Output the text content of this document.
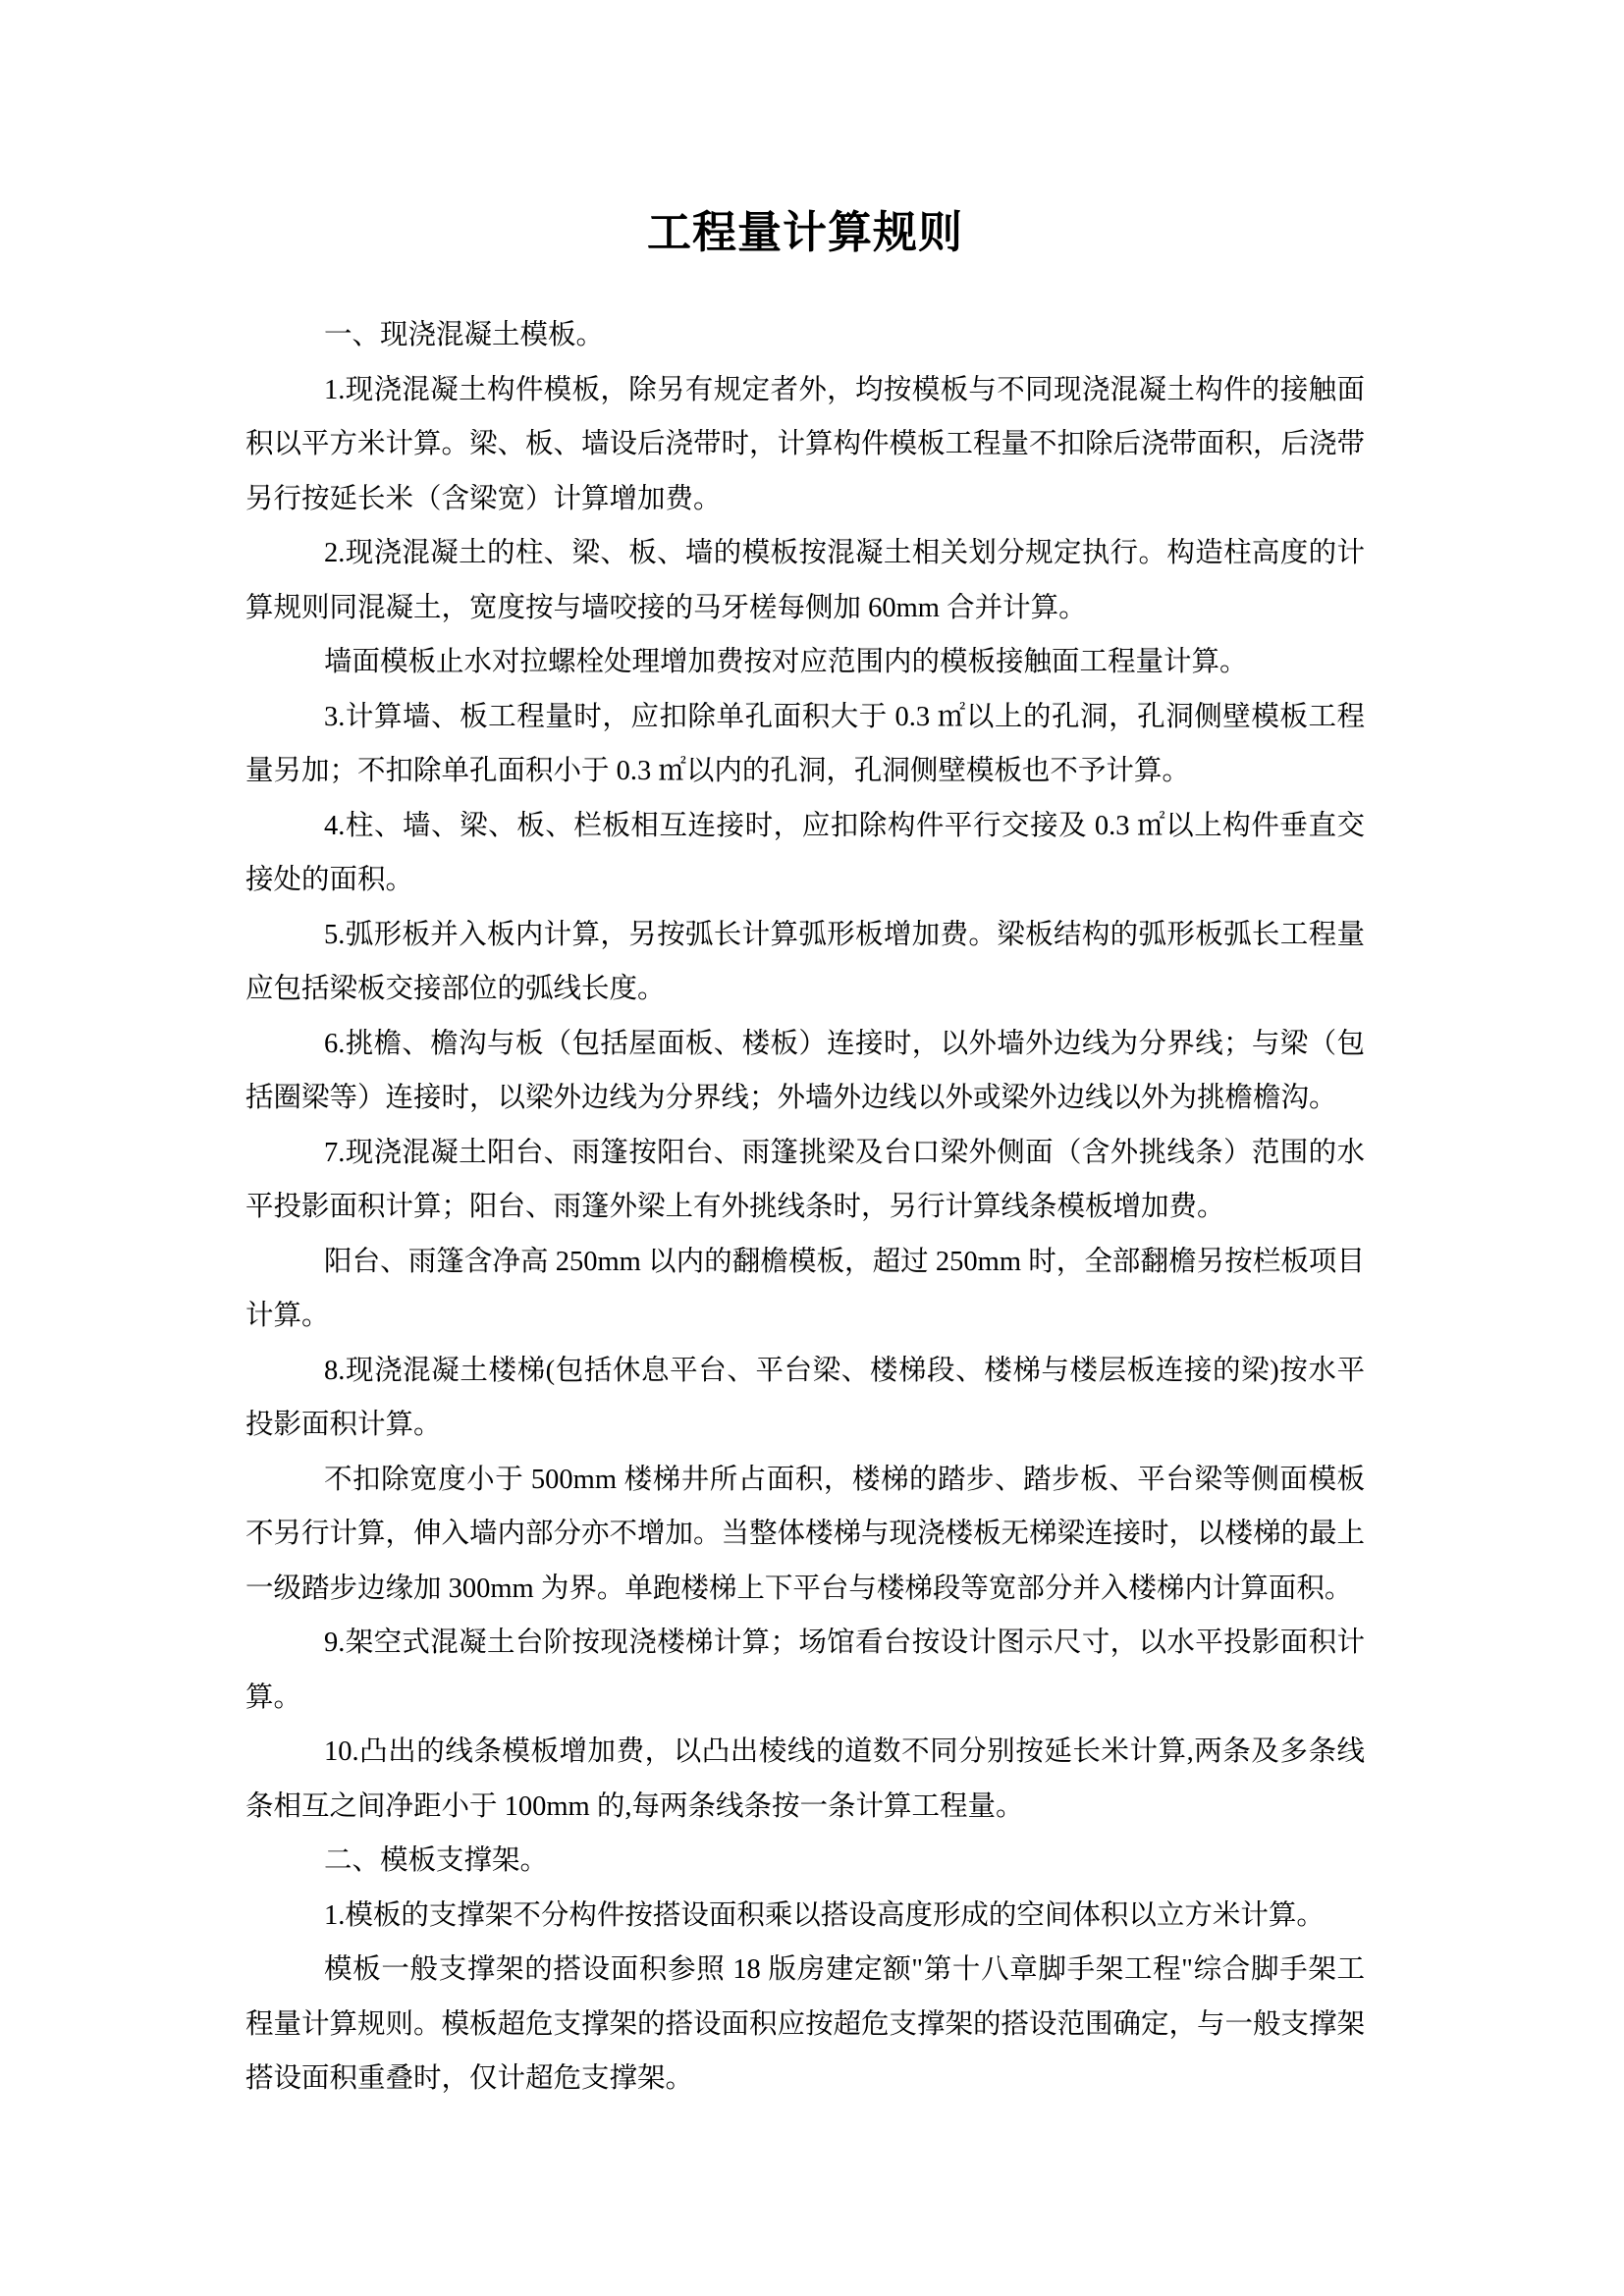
工程量计算规则

一、现浇混凝土模板。

1.现浇混凝土构件模板，除另有规定者外，均按模板与不同现浇混凝土构件的接触面积以平方米计算。梁、板、墙设后浇带时，计算构件模板工程量不扣除后浇带面积，后浇带另行按延长米（含梁宽）计算增加费。

2.现浇混凝土的柱、梁、板、墙的模板按混凝土相关划分规定执行。构造柱高度的计算规则同混凝土，宽度按与墙咬接的马牙槎每侧加 60mm 合并计算。

墙面模板止水对拉螺栓处理增加费按对应范围内的模板接触面工程量计算。

3.计算墙、板工程量时，应扣除单孔面积大于 0.3 ㎡以上的孔洞，孔洞侧壁模板工程量另加；不扣除单孔面积小于 0.3 ㎡以内的孔洞，孔洞侧壁模板也不予计算。

4.柱、墙、梁、板、栏板相互连接时，应扣除构件平行交接及 0.3 ㎡以上构件垂直交接处的面积。

5.弧形板并入板内计算，另按弧长计算弧形板增加费。梁板结构的弧形板弧长工程量应包括梁板交接部位的弧线长度。

6.挑檐、檐沟与板（包括屋面板、楼板）连接时，以外墙外边线为分界线；与梁（包括圈梁等）连接时，以梁外边线为分界线；外墙外边线以外或梁外边线以外为挑檐檐沟。

7.现浇混凝土阳台、雨篷按阳台、雨篷挑梁及台口梁外侧面（含外挑线条）范围的水平投影面积计算；阳台、雨篷外梁上有外挑线条时，另行计算线条模板增加费。

阳台、雨篷含净高 250mm 以内的翻檐模板，超过 250mm 时，全部翻檐另按栏板项目计算。

8.现浇混凝土楼梯(包括休息平台、平台梁、楼梯段、楼梯与楼层板连接的梁)按水平投影面积计算。

不扣除宽度小于 500mm 楼梯井所占面积，楼梯的踏步、踏步板、平台梁等侧面模板不另行计算，伸入墙内部分亦不增加。当整体楼梯与现浇楼板无梯梁连接时，以楼梯的最上一级踏步边缘加 300mm 为界。单跑楼梯上下平台与楼梯段等宽部分并入楼梯内计算面积。

9.架空式混凝土台阶按现浇楼梯计算；场馆看台按设计图示尺寸，以水平投影面积计算。

10.凸出的线条模板增加费，以凸出棱线的道数不同分别按延长米计算,两条及多条线条相互之间净距小于 100mm 的,每两条线条按一条计算工程量。

二、模板支撑架。

1.模板的支撑架不分构件按搭设面积乘以搭设高度形成的空间体积以立方米计算。

模板一般支撑架的搭设面积参照 18 版房建定额"第十八章脚手架工程"综合脚手架工程量计算规则。模板超危支撑架的搭设面积应按超危支撑架的搭设范围确定，与一般支撑架搭设面积重叠时，仅计超危支撑架。
